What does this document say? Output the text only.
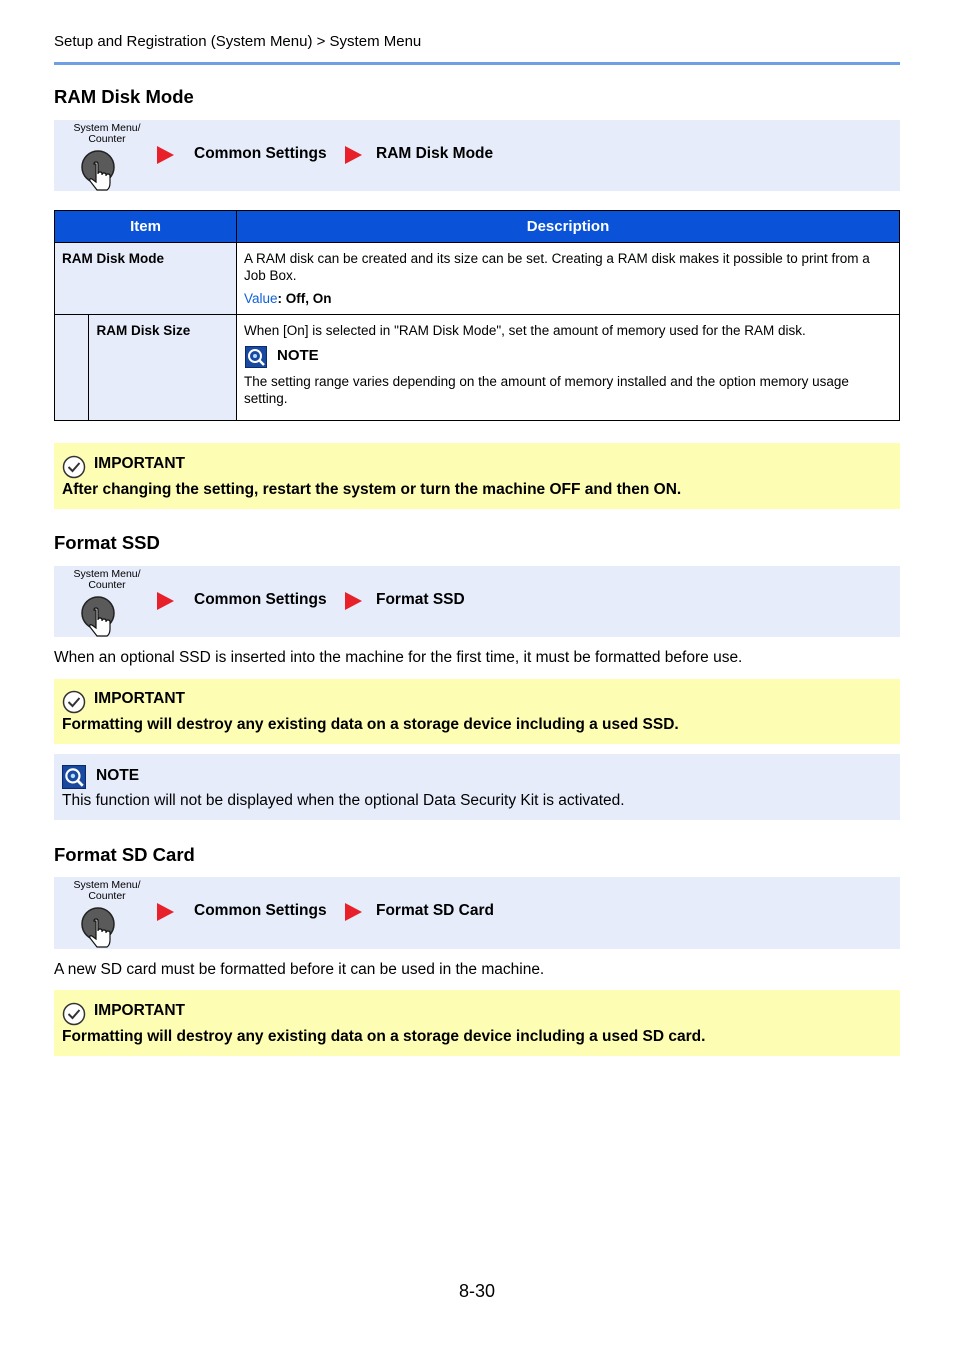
Setup and Registration (System Menu) > System Menu
RAM Disk Mode
System Menu/
Counter
Common Settings	RAM Disk Mode
Item		Description
RAM Disk Mode		A RAM disk can be created and its size can be set. Creating a RAM disk makes it possible to print from a Job Box.
Value: Off, On

	RAM Disk Size	When [On] is selected in "RAM Disk Mode", set the amount of memory used for the RAM disk.
NOTE
The setting range varies depending on the amount of memory installed and the option memory usage setting.
IMPORTANT
After changing the setting, restart the system or turn the machine OFF and then ON.
Format SSD
System Menu/
Counter
Common Settings	Format SSD
When an optional SSD is inserted into the machine for the first time, it must be formatted before use.
IMPORTANT
Formatting will destroy any existing data on a storage device including a used SSD.
NOTE
This function will not be displayed when the optional Data Security Kit is activated.
Format SD Card
System Menu/
Counter
Common Settings	Format SD Card
A new SD card must be formatted before it can be used in the machine.
IMPORTANT
Formatting will destroy any existing data on a storage device including a used SD card.
8-30
